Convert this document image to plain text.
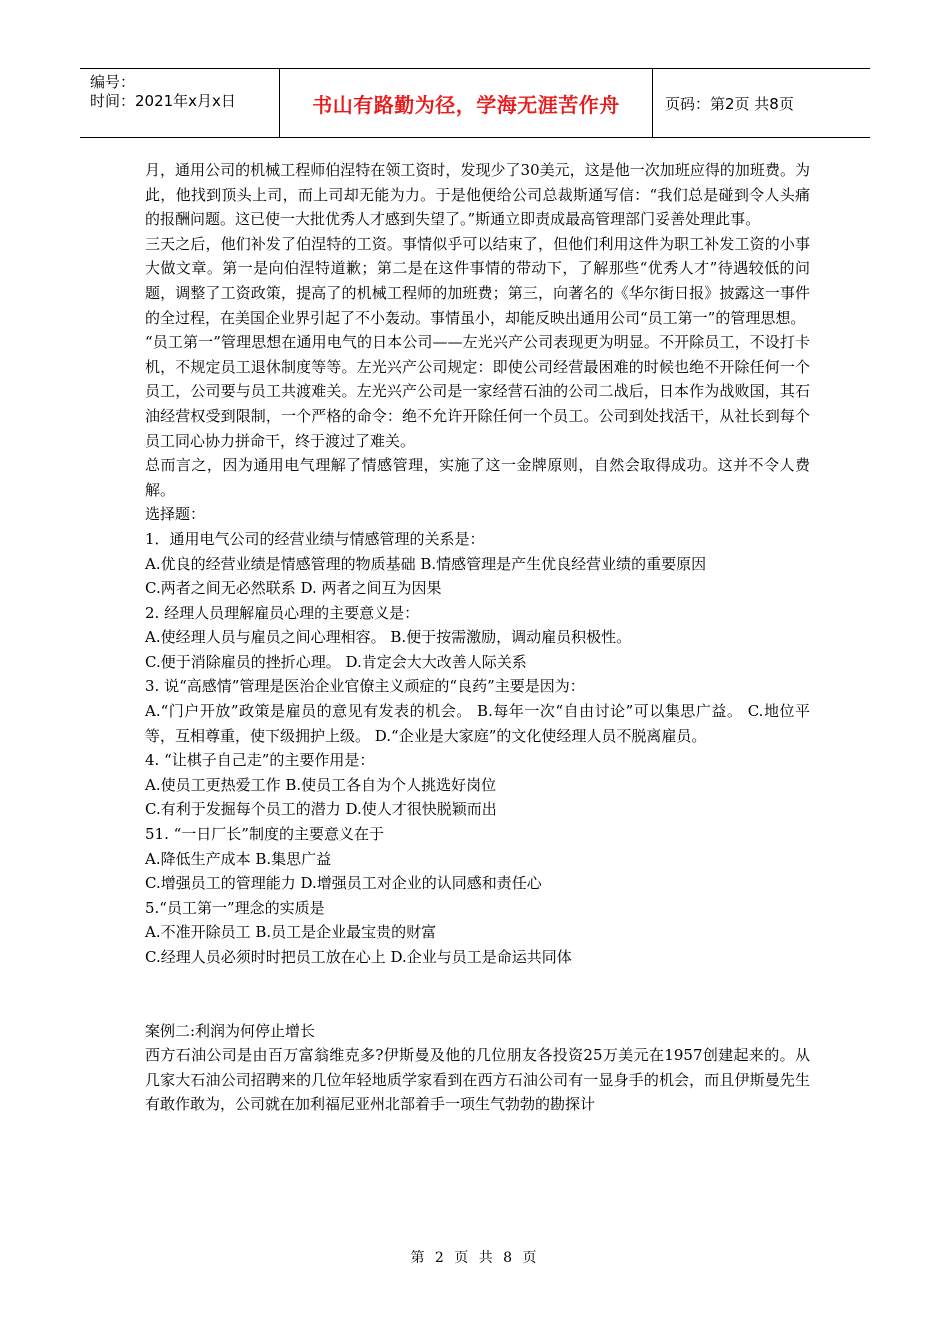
编号：
时间：2021年x月x日	书山有路勤为径，学海无涯苦作舟	页码：第2页 共8页

月，通用公司的机械工程师伯涅特在领工资时，发现少了30美元，这是他一次加班应得的加班费。为此，他找到顶头上司，而上司却无能为力。于是他便给公司总裁斯通写信：“我们总是碰到令人头痛的报酬问题。这已使一大批优秀人才感到失望了。”斯通立即责成最高管理部门妥善处理此事。

三天之后，他们补发了伯涅特的工资。事情似乎可以结束了，但他们利用这件为职工补发工资的小事大做文章。第一是向伯涅特道歉；第二是在这件事情的带动下，了解那些“优秀人才”待遇较低的问题，调整了工资政策，提高了的机械工程师的加班费；第三，向著名的《华尔街日报》披露这一事件的全过程，在美国企业界引起了不小轰动。事情虽小，却能反映出通用公司“员工第一”的管理思想。

“员工第一”管理思想在通用电气的日本公司——左光兴产公司表现更为明显。不开除员工，不设打卡机，不规定员工退休制度等等。左光兴产公司规定：即使公司经营最困难的时候也绝不开除任何一个员工，公司要与员工共渡难关。左光兴产公司是一家经营石油的公司二战后，日本作为战败国，其石油经营权受到限制，一个严格的命令：绝不允许开除任何一个员工。公司到处找活干，从社长到每个员工同心协力拼命干，终于渡过了难关。

总而言之，因为通用电气理解了情感管理，实施了这一金牌原则，自然会取得成功。这并不令人费解。

选择题：

1．通用电气公司的经营业绩与情感管理的关系是：

A.优良的经营业绩是情感管理的物质基础 B.情感管理是产生优良经营业绩的重要原因

C.两者之间无必然联系 D. 两者之间互为因果

2. 经理人员理解雇员心理的主要意义是：

A.使经理人员与雇员之间心理相容。 B.便于按需激励，调动雇员积极性。

C.便于消除雇员的挫折心理。 D.肯定会大大改善人际关系

3. 说“高感情”管理是医治企业官僚主义顽症的“良药”主要是因为：

A.“门户开放”政策是雇员的意见有发表的机会。 B.每年一次“自由讨论”可以集思广益。 C.地位平等，互相尊重，使下级拥护上级。 D.“企业是大家庭”的文化使经理人员不脱离雇员。

4. “让棋子自己走”的主要作用是：

A.使员工更热爱工作 B.使员工各自为个人挑选好岗位

C.有利于发掘每个员工的潜力 D.使人才很快脱颖而出

51. “一日厂长”制度的主要意义在于

A.降低生产成本 B.集思广益

C.增强员工的管理能力 D.增强员工对企业的认同感和责任心

5.“员工第一”理念的实质是

A.不准开除员工 B.员工是企业最宝贵的财富

C.经理人员必须时时把员工放在心上 D.企业与员工是命运共同体

案例二:利润为何停止增长

西方石油公司是由百万富翁维克多?伊斯曼及他的几位朋友各投资25万美元在1957创建起来的。从几家大石油公司招聘来的几位年轻地质学家看到在西方石油公司有一显身手的机会，而且伊斯曼先生有敢作敢为，公司就在加利福尼亚州北部着手一项生气勃勃的勘探计

第 2 页 共 8 页
